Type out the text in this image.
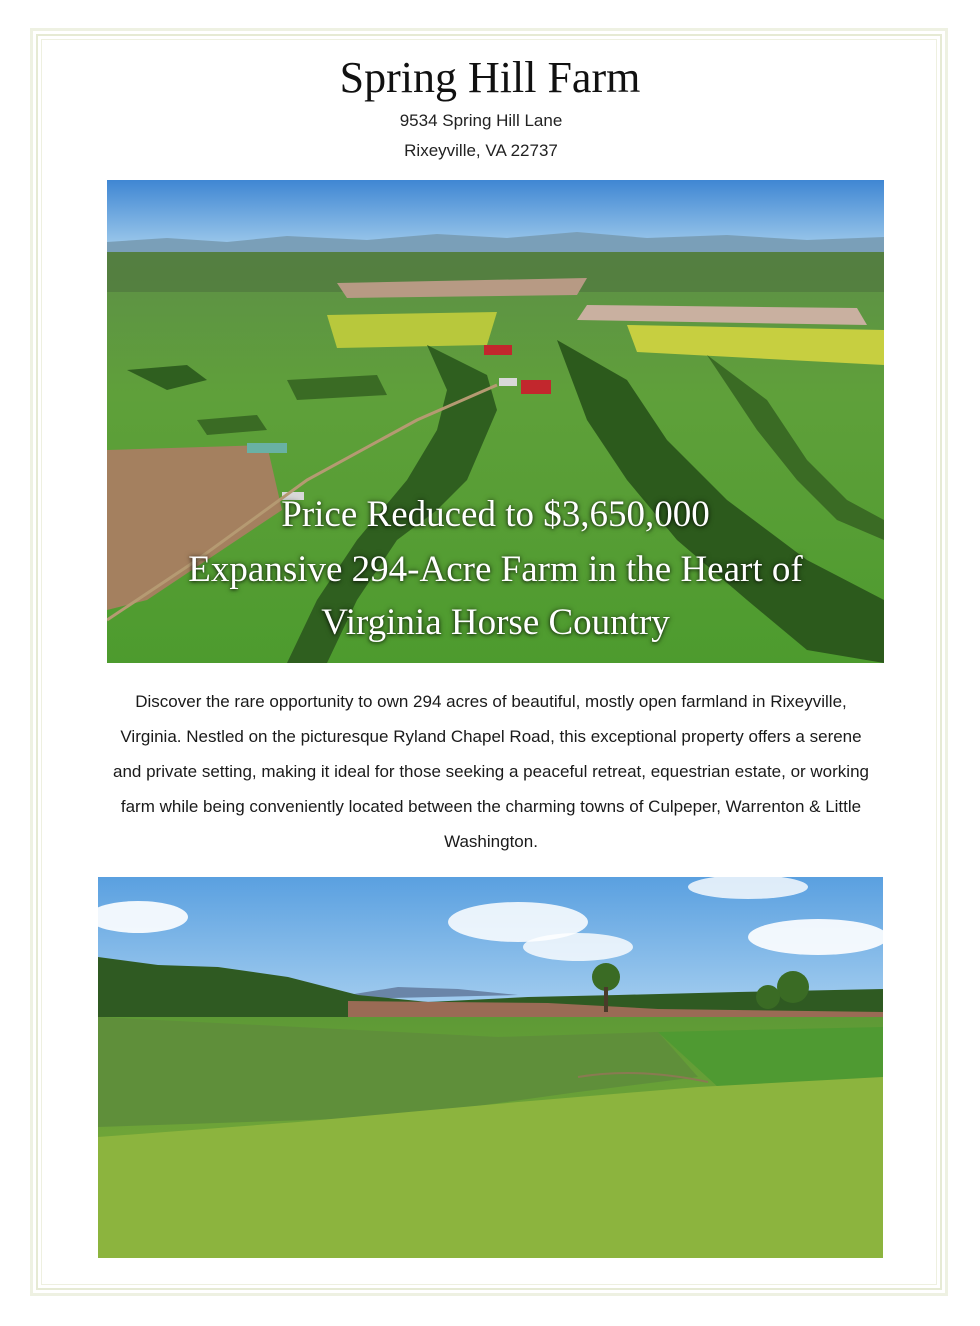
Spring Hill Farm
9534 Spring Hill Lane
Rixeyville, VA 22737
Price Reduced to $3,650,000
Expansive 294-Acre Farm in the Heart of
Virginia Horse Country

Discover the rare opportunity to own 294 acres of beautiful, mostly open farmland in Rixeyville, Virginia. Nestled on the picturesque Ryland Chapel Road, this exceptional property offers a serene and private setting, making it ideal for those seeking a peaceful retreat, equestrian estate, or working farm while being conveniently located between the charming towns of Culpeper, Warrenton & Little Washington.
